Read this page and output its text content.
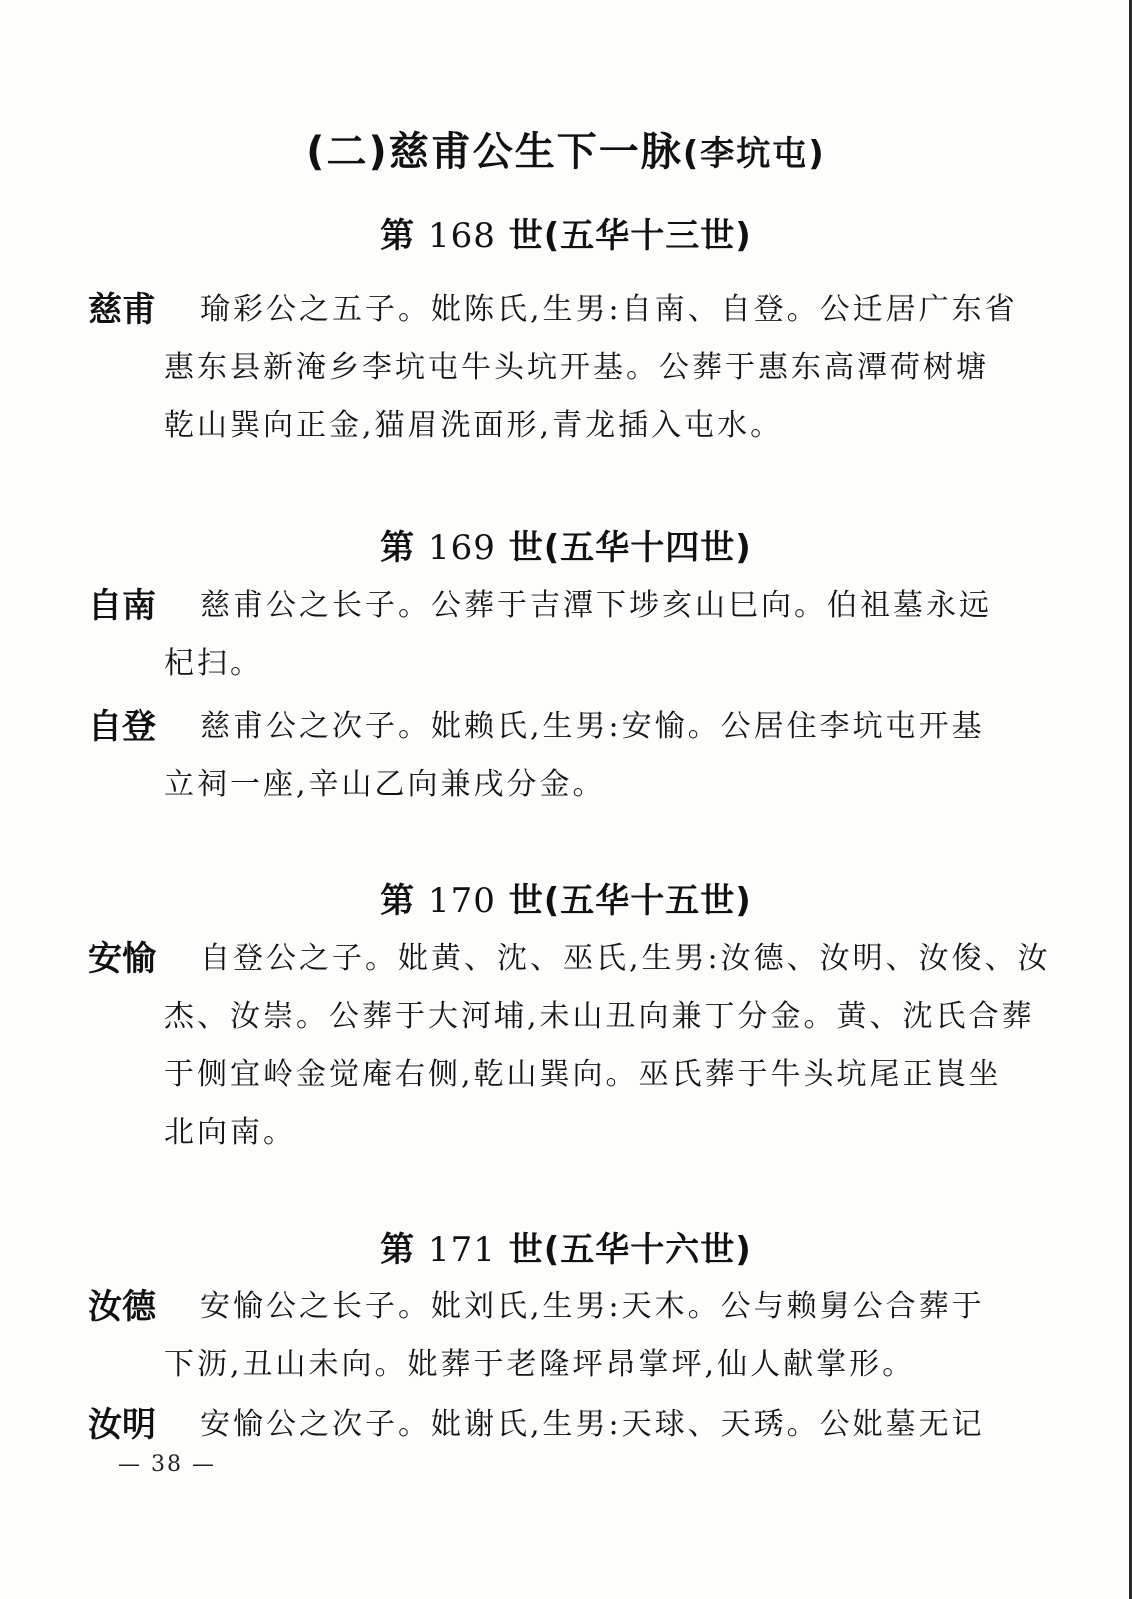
(二)慈甫公生下一脉(李坑屯)
第 168 世(五华十三世)
慈甫	瑜彩公之五子。妣陈氏,生男:自南、自登。公迁居广东省
惠东县新淹乡李坑屯牛头坑开基。公葬于惠东高潭荷树塘
乾山巽向正金,猫眉洗面形,青龙插入屯水。
第 169 世(五华十四世)
自南	慈甫公之长子。公葬于吉潭下埗亥山巳向。伯祖墓永远
杞扫。
自登	慈甫公之次子。妣赖氏,生男:安愉。公居住李坑屯开基
立祠一座,辛山乙向兼戌分金。
第 170 世(五华十五世)
安愉	自登公之子。妣黄、沈、巫氏,生男:汝德、汝明、汝俊、汝
杰、汝崇。公葬于大河埔,未山丑向兼丁分金。黄、沈氏合葬
于侧宜岭金觉庵右侧,乾山巽向。巫氏葬于牛头坑尾正崀坐
北向南。
第 171 世(五华十六世)
汝德	安愉公之长子。妣刘氏,生男:天木。公与赖舅公合葬于
下沥,丑山未向。妣葬于老隆坪昂掌坪,仙人献掌形。
汝明	安愉公之次子。妣谢氏,生男:天球、天琇。公妣墓无记
— 38 —
